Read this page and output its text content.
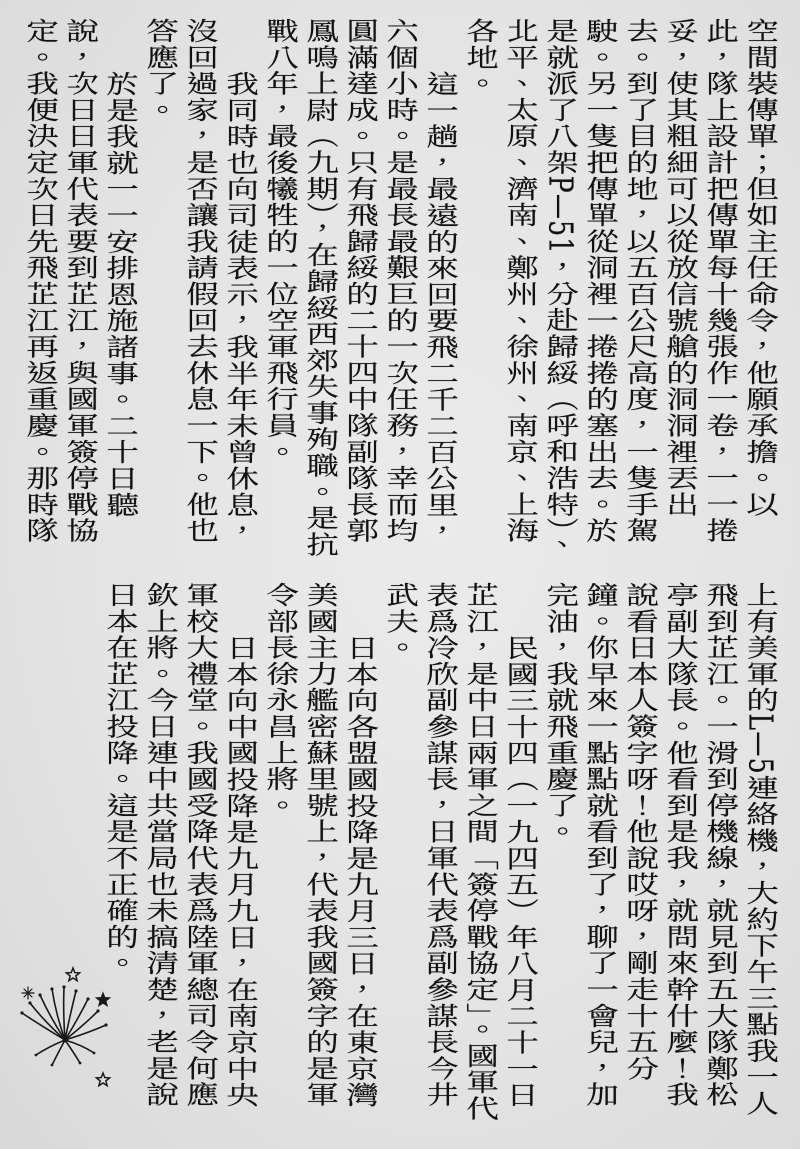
空間裝傳單；但如主任命令，他願承擔。以
此，隊上設計把傳單每十幾張作一卷，一一捲
妥，使其粗細可以從放信號艙的洞洞裡丟出
去。到了目的地，以五百公尺高度，一隻手駕
駛。另一隻把傳單從洞裡一捲捲的塞出去。於
是就派了八架P—51，分赴歸綏（呼和浩特）、
北平、太原、濟南、鄭州、徐州、南京、上海
各地。
這一趟，最遠的來回要飛二千二百公里，
六個小時。是最長最艱巨的一次任務，幸而均
圓滿達成。只有飛歸綏的二十四中隊副隊長郭
鳳鳴上尉（九期），在歸綏西郊失事殉職。是抗
戰八年，最後犧牲的一位空軍飛行員。
我同時也向司徒表示，我半年未曾休息，
沒回過家，是否讓我請假回去休息一下。他也
答應了。
於是我就一一安排恩施諸事。二十日聽
說，次日日軍代表要到芷江，與國軍簽停戰協
定。我便決定次日先飛芷江再返重慶。那時隊
上有美軍的L—5連絡機，大約下午三點我一人
飛到芷江。一滑到停機線，就見到五大隊鄭松
亭副大隊長。他看到是我，就問來幹什麼！我
說看日本人簽字呀！他說哎呀，剛走十五分
鐘。你早來一點點就看到了，聊了一會兒，加
完油，我就飛重慶了。
民國三十四（一九四五）年八月二十一日
芷江，是中日兩軍之間「簽停戰協定」。國軍代
表爲冷欣副參謀長，日軍代表爲副參謀長今井
武夫。
日本向各盟國投降是九月三日，在東京灣
美國主力艦密蘇里號上，代表我國簽字的是軍
令部長徐永昌上將。
日本向中國投降是九月九日，在南京中央
軍校大禮堂。我國受降代表爲陸軍總司令何應
欽上將。今日連中共當局也未搞清楚，老是說
日本在芷江投降。這是不正確的。
